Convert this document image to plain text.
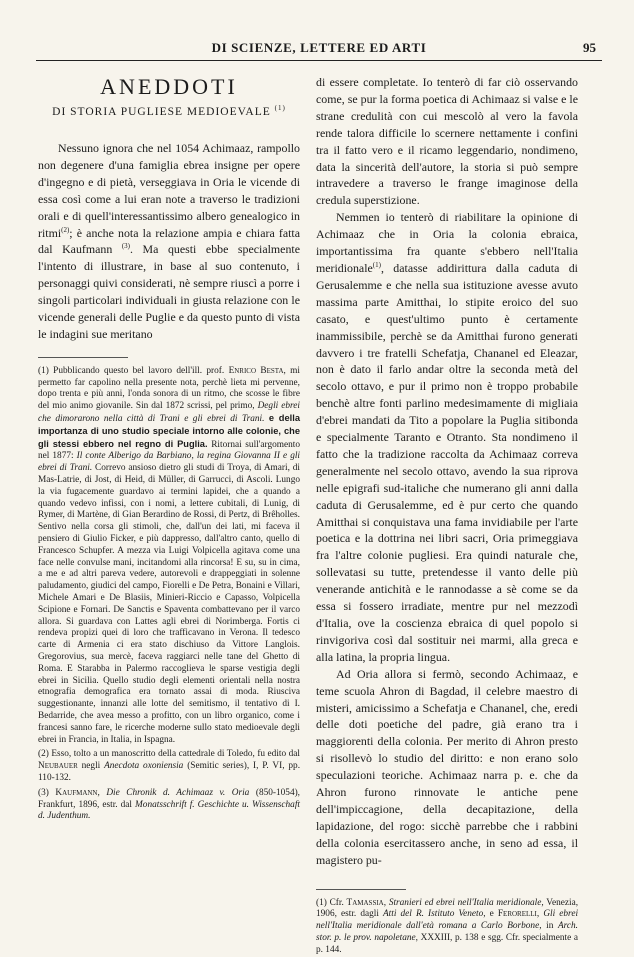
DI SCIENZE, LETTERE ED ARTI	95
ANEDDOTI
DI STORIA PUGLIESE MEDIOEVALE $^{(1)}$

Nessuno ignora che nel 1054 Achimaaz, rampollo non degenere d'una famiglia ebrea insigne per opere d'ingegno e di pietà, verseggiava in Oria le vicende di essa così come a lui eran note a traverso le tradizioni orali e di quell'interessantissimo albero genealogico in ritmi$^{(2)}$; è anche nota la relazione ampia e chiara fatta dal Kaufmann $^{(3)}$. Ma questi ebbe specialmente l'intento di illustrare, in base al suo contenuto, i personaggi quivi considerati, nè sempre riuscì a porre i singoli particolari individuali in giusta relazione con le vicende generali delle Puglie e da questo punto di vista le indagini sue meritano

(1) Pubblicando questo bel lavoro dell'ill. prof. Enrico Besta, mi permetto far capolino nella presente nota, perchè lieta mi pervenne, dopo trenta e più anni, l'onda sonora di un ritmo, che scosse le fibre del mio animo giovanile. Sin dal 1872 scrissi, pel primo, Degli ebrei che dimorarono nella città di Trani e gli ebrei di Trani. e della importanza di uno studio speciale intorno alle colonie, che gli stessi ebbero nel regno di Puglia. Ritornai sull'argomento nel 1877: Il conte Alberigo da Barbiano, la regina Giovanna II e gli ebrei di Trani. Correvo ansioso dietro gli studi di Troya, di Amari, di Mas-Latrie, di Jost, di Heid, di Müller, di Garrucci, di Ascoli. Lungo la via fugacemente guardavo ai termini lapidei, che a quando a quando vedevo infissi, con i nomi, a lettere cubitali, di Lunig, di Rymer, di Martène, di Gian Berardino de Rossi, di Pertz, di Brêholles. Sentivo nella corsa gli stimoli, che, dall'un dei lati, mi faceva il pensiero di Giulio Ficker, e più dappresso, dall'altro canto, quello di Francesco Schupfer. A mezza via Luigi Volpicella agitava come una face nelle convulse mani, incitandomi alla rincorsa! E su, su in cima, a me e ad altri pareva vedere, autorevoli e drappeggiati in solenne paludamento, giudici del campo, Fiorelli e De Petra, Bonaini e Villari, Michele Amari e De Blasiis, Minieri-Riccio e Capasso, Volpicella Scipione e Fornari. De Sanctis e Spaventa combattevano per il varco allora. Si guardava con Lattes agli ebrei di Norimberga. Fortis ci rendeva propizi quei di loro che trafficavano in Verona. Il tedesco carte di Armenia ci era stato dischiuso da Vittore Langlois. Gregorovius, sua mercè, faceva raggiarci nelle tane del Ghetto di Roma. E Starabba in Palermo raccoglieva le sparse vestigia degli ebrei in Sicilia. Quello studio degli elementi orientali nella nostra etnografia demografica era tornato assai di moda. Riusciva suggestionante, innanzi alle lotte del semitismo, il tentativo di I. Bedarride, che avea messo a profitto, con un libro organico, come i francesi sanno fare, le ricerche moderne sullo stato medioevale degli ebrei in Francia, in Italia, in Ispagna.

(2) Esso, tolto a un manoscritto della cattedrale di Toledo, fu edito dal Neubauer negli Anecdota oxoniensia (Semitic series), I, P. VI, pp. 110-132.

(3) Kaufmann, Die Chronik d. Achimaaz v. Oria (850-1054), Frankfurt, 1896, estr. dal Monatsschrift f. Geschichte u. Wissenschaft d. Judenthum.

di essere completate. Io tenterò di far ciò osservando come, se pur la forma poetica di Achimaaz si valse e le strane credulità con cui mescolò al vero la favola rende talora difficile lo scernere nettamente i confini tra il fatto vero e il ricamo leggendario, nondimeno, data la sincerità dell'autore, la storia si può sempre intravedere a traverso le frange imaginose della credula superstizione.

Nemmen io tenterò di riabilitare la opinione di Achimaaz che in Oria la colonia ebraica, importantissima fra quante s'ebbero nell'Italia meridionale$^{(1)}$, datasse addirittura dalla caduta di Gerusalemme e che nella sua istituzione avesse avuto massima parte Amitthai, lo stipite eroico del suo casato, e quest'ultimo punto è certamente inammissibile, perchè se da Amitthai furono generati davvero i tre fratelli Schefatja, Chananel ed Eleazar, non è dato il farlo andar oltre la seconda metà del secolo ottavo, e pur il primo non è troppo probabile benchè altre fonti parlino medesimamente di migliaia d'ebrei mandati da Tito a popolare la Puglia sitibonda e specialmente Taranto e Otranto. Sta nondimeno il fatto che la tradizione raccolta da Achimaaz correva generalmente nel secolo ottavo, avendo la sua riprova nelle epigrafi sud-italiche che numerano gli anni dalla caduta di Gerusalemme, ed è pur certo che quando Amitthai si conquistava una fama invidiabile per l'arte poetica e la dottrina nei libri sacri, Oria primeggiava fra l'altre colonie pugliesi. Era quindi naturale che, sollevatasi su tutte, pretendesse il vanto delle più venerande antichità e le rannodasse a sè come se da essa si fossero irradiate, mentre pur nel mezzodì d'Italia, ove la coscienza ebraica di quel popolo si rinvigoriva così dal sostituir nei marmi, alla greca e alla latina, la propria lingua.

Ad Oria allora si fermò, secondo Achimaaz, e teme scuola Ahron di Bagdad, il celebre maestro di misteri, amicissimo a Schefatja e Chananel, che, eredi delle doti poetiche del padre, già erano tra i maggiorenti della colonia. Per merito di Ahron presto si risollevò lo studio del diritto: e non erano solo speculazioni teoriche. Achimaaz narra p. e. che da Ahron furono rinnovate le antiche pene dell'impiccagione, della decapitazione, della lapidazione, del rogo: sicchè parrebbe che i rabbini della colonia esercitassero anche, in seno ad essa, il magistero pu-

(1) Cfr. Tamassia, Stranieri ed ebrei nell'Italia meridionale, Venezia, 1906, estr. dagli Atti del R. Istituto Veneto, e Ferorelli, Gli ebrei nell'Italia meridionale dall'età romana a Carlo Borbone, in Arch. stor. p. le prov. napoletane, XXXIII, p. 138 e sgg. Cfr. specialmente a p. 144.
